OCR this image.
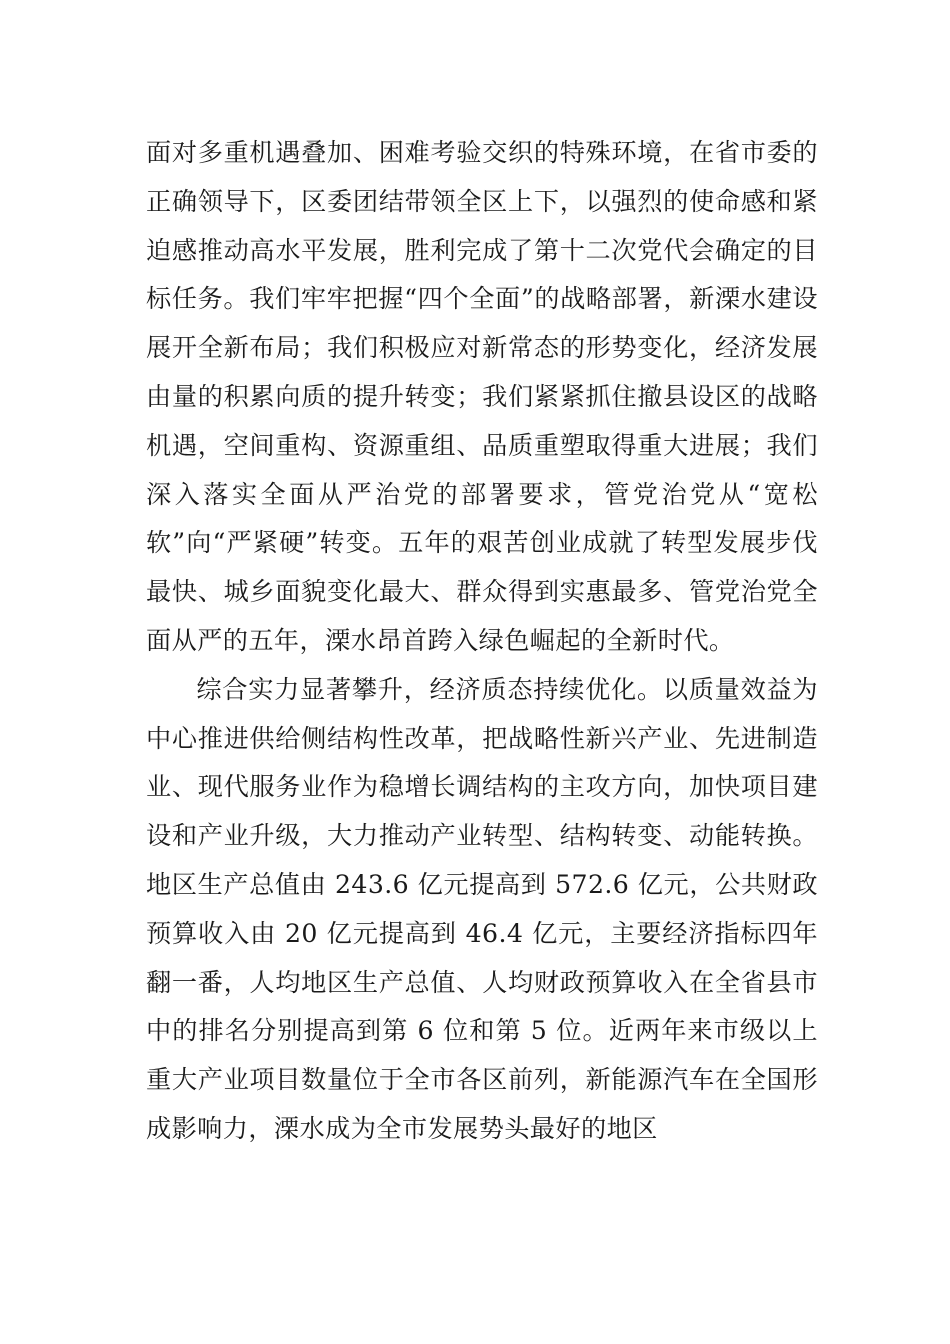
面对多重机遇叠加、困难考验交织的特殊环境，在省市委的正确领导下，区委团结带领全区上下，以强烈的使命感和紧迫感推动高水平发展，胜利完成了第十二次党代会确定的目标任务。我们牢牢把握“四个全面”的战略部署，新溧水建设展开全新布局；我们积极应对新常态的形势变化，经济发展由量的积累向质的提升转变；我们紧紧抓住撤县设区的战略机遇，空间重构、资源重组、品质重塑取得重大进展；我们深入落实全面从严治党的部署要求，管党治党从“宽松软”向“严紧硬”转变。五年的艰苦创业成就了转型发展步伐最快、城乡面貌变化最大、群众得到实惠最多、管党治党全面从严的五年，溧水昂首跨入绿色崛起的全新时代。

综合实力显著攀升，经济质态持续优化。以质量效益为中心推进供给侧结构性改革，把战略性新兴产业、先进制造业、现代服务业作为稳增长调结构的主攻方向，加快项目建设和产业升级，大力推动产业转型、结构转变、动能转换。地区生产总值由 243.6 亿元提高到 572.6 亿元，公共财政预算收入由 20 亿元提高到 46.4 亿元，主要经济指标四年翻一番，人均地区生产总值、人均财政预算收入在全省县市中的排名分别提高到第 6 位和第 5 位。近两年来市级以上重大产业项目数量位于全市各区前列，新能源汽车在全国形成影响力，溧水成为全市发展势头最好的地区
